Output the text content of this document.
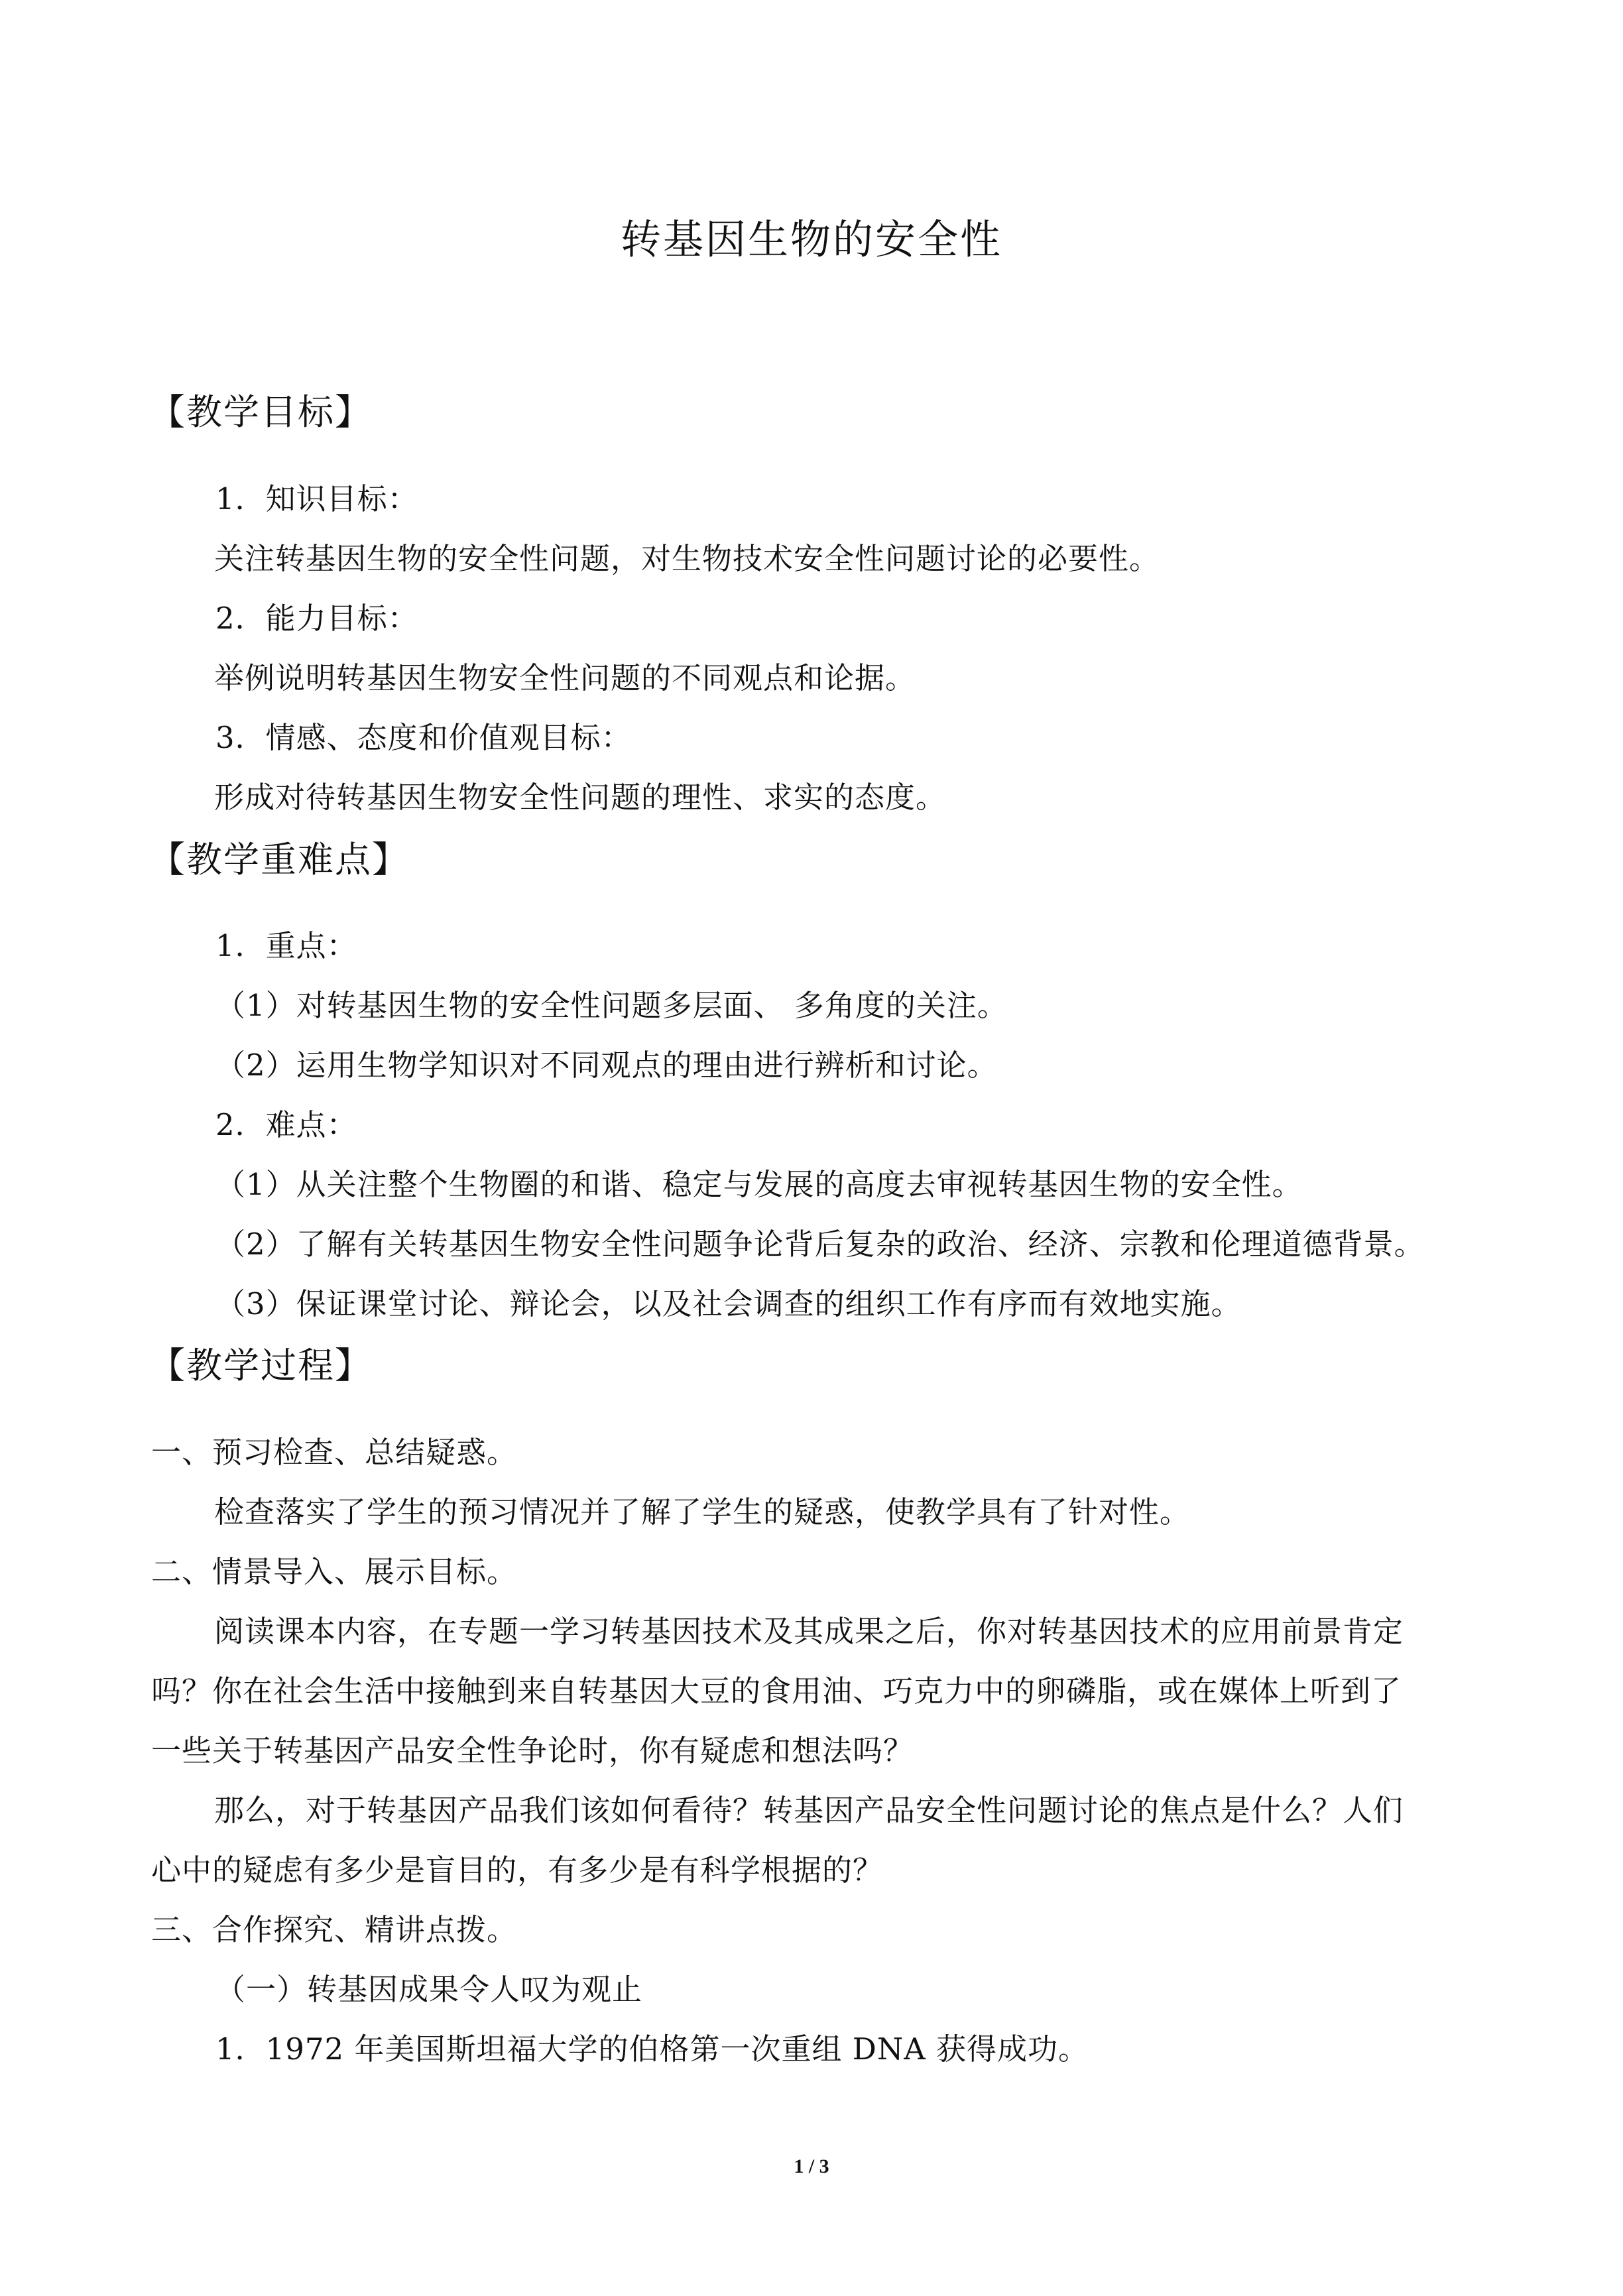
转基因生物的安全性
【教学目标】
1．知识目标：
关注转基因生物的安全性问题，对生物技术安全性问题讨论的必要性。
2．能力目标：
举例说明转基因生物安全性问题的不同观点和论据。
3．情感、态度和价值观目标：
形成对待转基因生物安全性问题的理性、求实的态度。
【教学重难点】
1．重点：
（1）对转基因生物的安全性问题多层面、 多角度的关注。
（2）运用生物学知识对不同观点的理由进行辨析和讨论。
2．难点：
（1）从关注整个生物圈的和谐、稳定与发展的高度去审视转基因生物的安全性。
（2）了解有关转基因生物安全性问题争论背后复杂的政治、经济、宗教和伦理道德背景。
（3）保证课堂讨论、辩论会，以及社会调查的组织工作有序而有效地实施。
【教学过程】
一、预习检查、总结疑惑。
检查落实了学生的预习情况并了解了学生的疑惑，使教学具有了针对性。
二、情景导入、展示目标。
阅读课本内容，在专题一学习转基因技术及其成果之后，你对转基因技术的应用前景肯定
吗？你在社会生活中接触到来自转基因大豆的食用油、巧克力中的卵磷脂，或在媒体上听到了
一些关于转基因产品安全性争论时，你有疑虑和想法吗？
那么，对于转基因产品我们该如何看待？转基因产品安全性问题讨论的焦点是什么？人们
心中的疑虑有多少是盲目的，有多少是有科学根据的？
三、合作探究、精讲点拨。
（一）转基因成果令人叹为观止
1．1972 年美国斯坦福大学的伯格第一次重组 DNA 获得成功。
1 / 3
